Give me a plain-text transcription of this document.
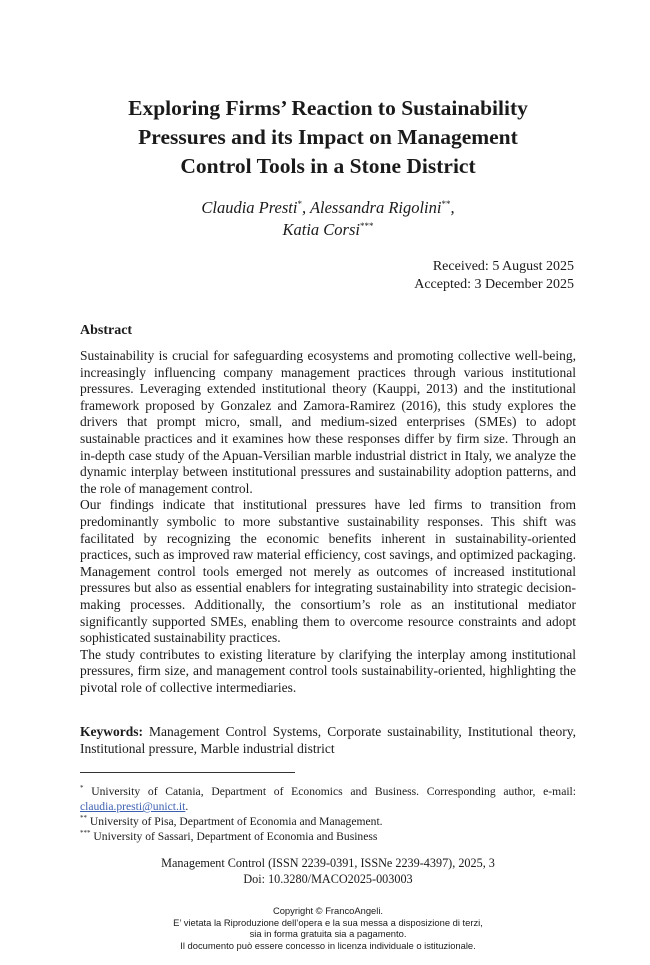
Exploring Firms’ Reaction to Sustainability
Pressures and its Impact on Management
Control Tools in a Stone District
Claudia Presti*, Alessandra Rigolini**,
Katia Corsi***
Received: 5 August 2025
Accepted: 3 December 2025
Abstract

Sustainability is crucial for safeguarding ecosystems and promoting collective well-being, increasingly influencing company management practices through various institutional pressures. Leveraging extended institutional theory (Kauppi, 2013) and the institutional framework proposed by Gonzalez and Zamora-Ramirez (2016), this study explores the drivers that prompt micro, small, and medium-sized enterprises (SMEs) to adopt sustainable practices and it examines how these responses differ by firm size. Through an in-depth case study of the Apuan-Versilian marble industrial district in Italy, we analyze the dynamic interplay between institutional pressures and sustainability adoption patterns, and the role of management control.

Our findings indicate that institutional pressures have led firms to transition from predominantly symbolic to more substantive sustainability responses. This shift was facilitated by recognizing the economic benefits inherent in sustainability-oriented practices, such as improved raw material efficiency, cost savings, and optimized packaging. Management control tools emerged not merely as outcomes of increased institutional pressures but also as essential enablers for integrating sustainability into strategic decision-making processes. Additionally, the consortium’s role as an institutional mediator significantly supported SMEs, enabling them to overcome resource constraints and adopt sophisticated sustainability practices.

The study contributes to existing literature by clarifying the interplay among institutional pressures, firm size, and management control tools sustainability-oriented, highlighting the pivotal role of collective intermediaries.

Keywords: Management Control Systems, Corporate sustainability, Institutional theory, Institutional pressure, Marble industrial district

* University of Catania, Department of Economics and Business. Corresponding author, e-mail: claudia.presti@unict.it.

** University of Pisa, Department of Economia and Management.

*** University of Sassari, Department of Economia and Business

Management Control (ISSN 2239-0391, ISSNe 2239-4397), 2025, 3
Doi: 10.3280/MACO2025-003003
Copyright © FrancoAngeli.
E’ vietata la Riproduzione dell’opera e la sua messa a disposizione di terzi,
sia in forma gratuita sia a pagamento.
Il documento può essere concesso in licenza individuale o istituzionale.
